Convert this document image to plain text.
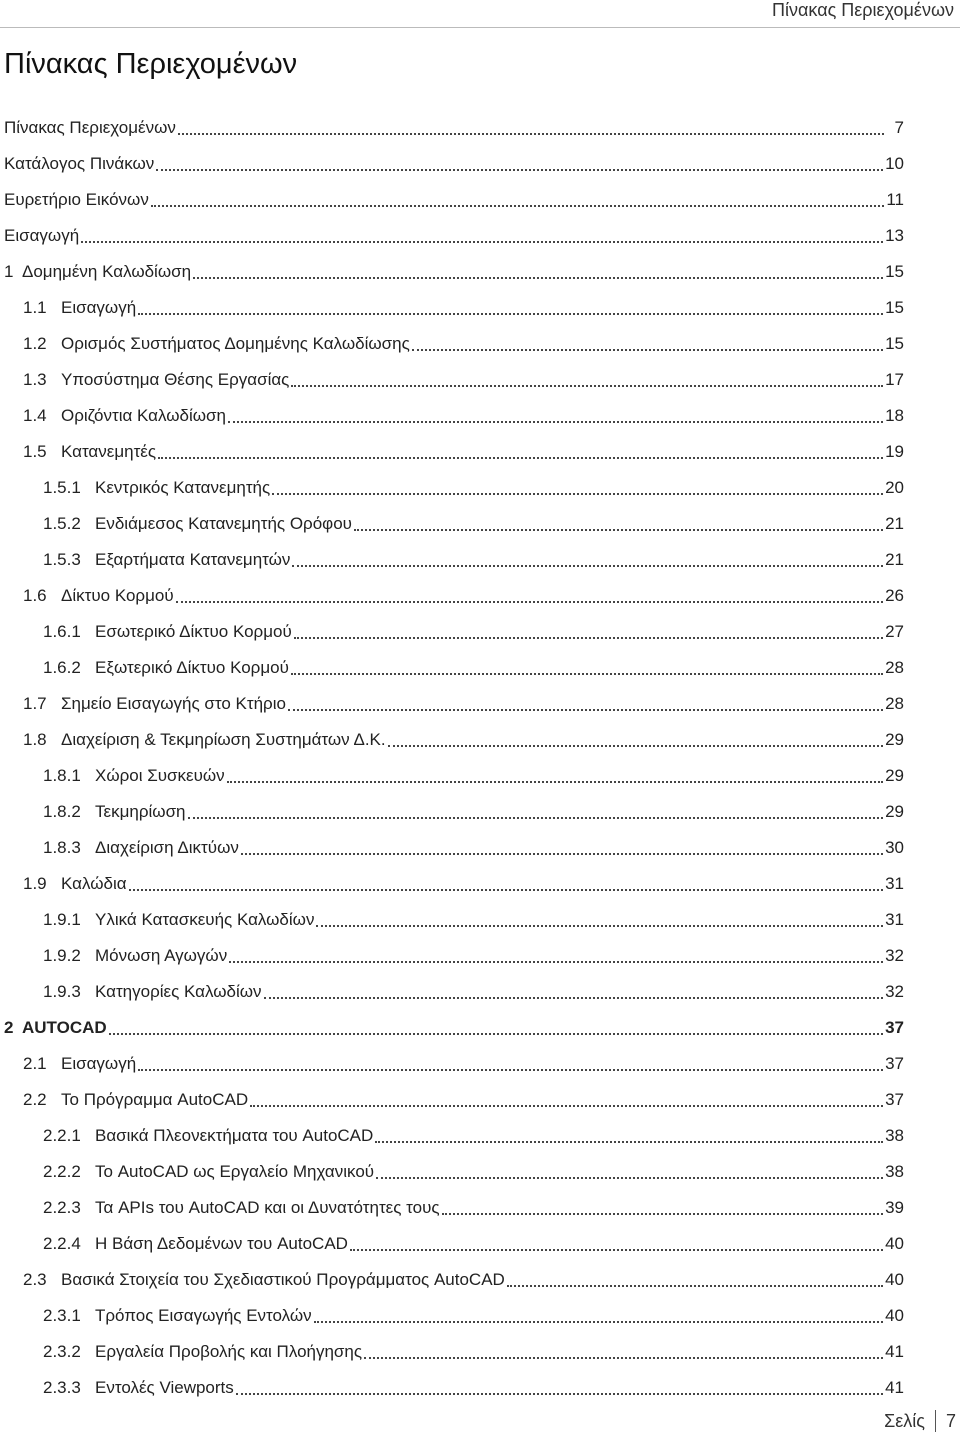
Πίνακας Περιεχομένων
Πίνακας Περιεχομένων
Πίνακας Περιεχομένων	7
Κατάλογος Πινάκων	10
Ευρετήριο Εικόνων	11
Εισαγωγή	13
1 Δομημένη Καλωδίωση	15
1.1 Εισαγωγή	15
1.2 Ορισμός Συστήματος Δομημένης Καλωδίωσης	15
1.3 Υποσύστημα Θέσης Εργασίας	17
1.4 Οριζόντια Καλωδίωση	18
1.5 Κατανεμητές	19
1.5.1 Κεντρικός Κατανεμητής	20
1.5.2 Ενδιάμεσος Κατανεμητής Ορόφου	21
1.5.3 Εξαρτήματα Κατανεμητών	21
1.6 Δίκτυο Κορμού	26
1.6.1 Εσωτερικό Δίκτυο Κορμού	27
1.6.2 Εξωτερικό Δίκτυο Κορμού	28
1.7 Σημείο Εισαγωγής στο Κτήριο	28
1.8 Διαχείριση & Τεκμηρίωση Συστημάτων Δ.Κ.	29
1.8.1 Χώροι Συσκευών	29
1.8.2 Τεκμηρίωση	29
1.8.3 Διαχείριση Δικτύων	30
1.9 Καλώδια	31
1.9.1 Υλικά Κατασκευής Καλωδίων	31
1.9.2 Μόνωση Αγωγών	32
1.9.3 Κατηγορίες Καλωδίων	32
2 AUTOCAD	37
2.1 Εισαγωγή	37
2.2 Το Πρόγραμμα AutoCAD	37
2.2.1 Βασικά Πλεονεκτήματα του AutoCAD	38
2.2.2 Το AutoCAD ως Εργαλείο Μηχανικού	38
2.2.3 Τα APIs του AutoCAD και οι Δυνατότητες τους	39
2.2.4 Η Βάση Δεδομένων του AutoCAD	40
2.3 Βασικά Στοιχεία του Σχεδιαστικού Προγράμματος AutoCAD	40
2.3.1 Τρόπος Εισαγωγής Εντολών	40
2.3.2 Εργαλεία Προβολής και Πλοήγησης	41
2.3.3 Εντολές Viewports	41
Σελίς 7
